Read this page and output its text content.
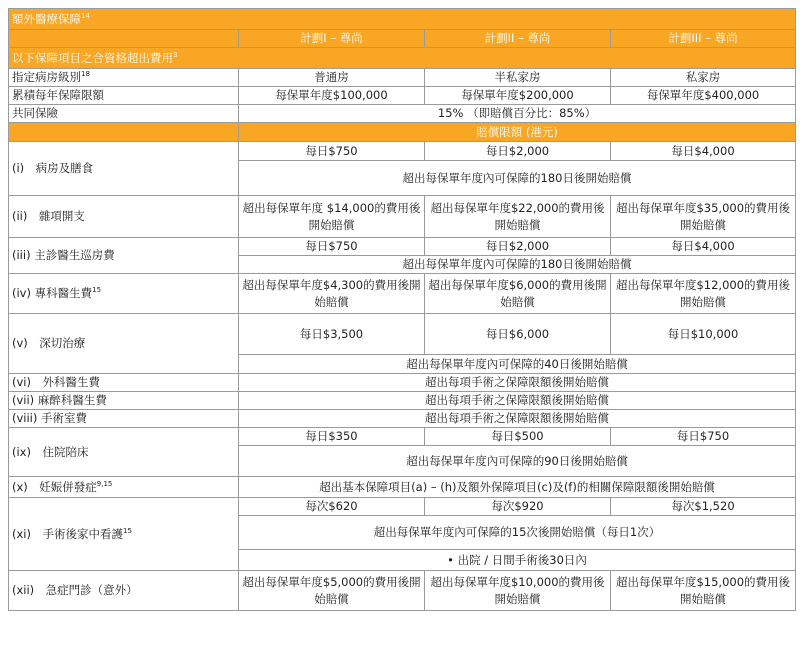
額外醫療保障$^{14}$
	計劃I – 尊尚	計劃II – 尊尚	計劃III – 尊尚
以下保障項目之合資格超出費用$^3$
指定病房級別$^{18}$	普通房	半私家房	私家房
累積每年保障限額	每保單年度$100,000	每保單年度$200,000	每保單年度$400,000
共同保險	15% （即賠償百分比：85%）		
	賠償限額 (港元)		
(i)　病房及膳食	每日$750	每日$2,000	每日$4,000
	超出每保單年度內可保障的180日後開始賠償		
(ii)　雜項開支	超出每保單年度 $14,000的費用後開始賠償	超出每保單年度$22,000的費用後開始賠償	超出每保單年度$35,000的費用後開始賠償
(iii) 主診醫生巡房費	每日$750	每日$2,000	每日$4,000
	超出每保單年度內可保障的180日後開始賠償		
(iv) 專科醫生費$^{15}$	超出每保單年度$4,300的費用後開始賠償	超出每保單年度$6,000的費用後開始賠償	超出每保單年度$12,000的費用後開始賠償
(v)　深切治療	每日$3,500	每日$6,000	每日$10,000
	超出每保單年度內可保障的40日後開始賠償		
(vi)　外科醫生費	超出每項手術之保障限額後開始賠償		
(vii) 麻醉科醫生費	超出每項手術之保障限額後開始賠償		
(viii) 手術室費	超出每項手術之保障限額後開始賠償		
(ix)　住院陪床	每日$350	每日$500	每日$750
	超出每保單年度內可保障的90日後開始賠償		
(x)　妊娠併發症$^{9,15}$	超出基本保障項目(a) – (h)及額外保障項目(c)及(f)的相關保障限額後開始賠償		
(xi)　手術後家中看護$^{15}$	每次$620	每次$920	每次$1,520
	超出每保單年度內可保障的15次後開始賠償（每日1次）		
	• 出院 / 日間手術後30日內		
(xii)　急症門診（意外）	超出每保單年度$5,000的費用後開始賠償	超出每保單年度$10,000的費用後開始賠償	超出每保單年度$15,000的費用後開始賠償
